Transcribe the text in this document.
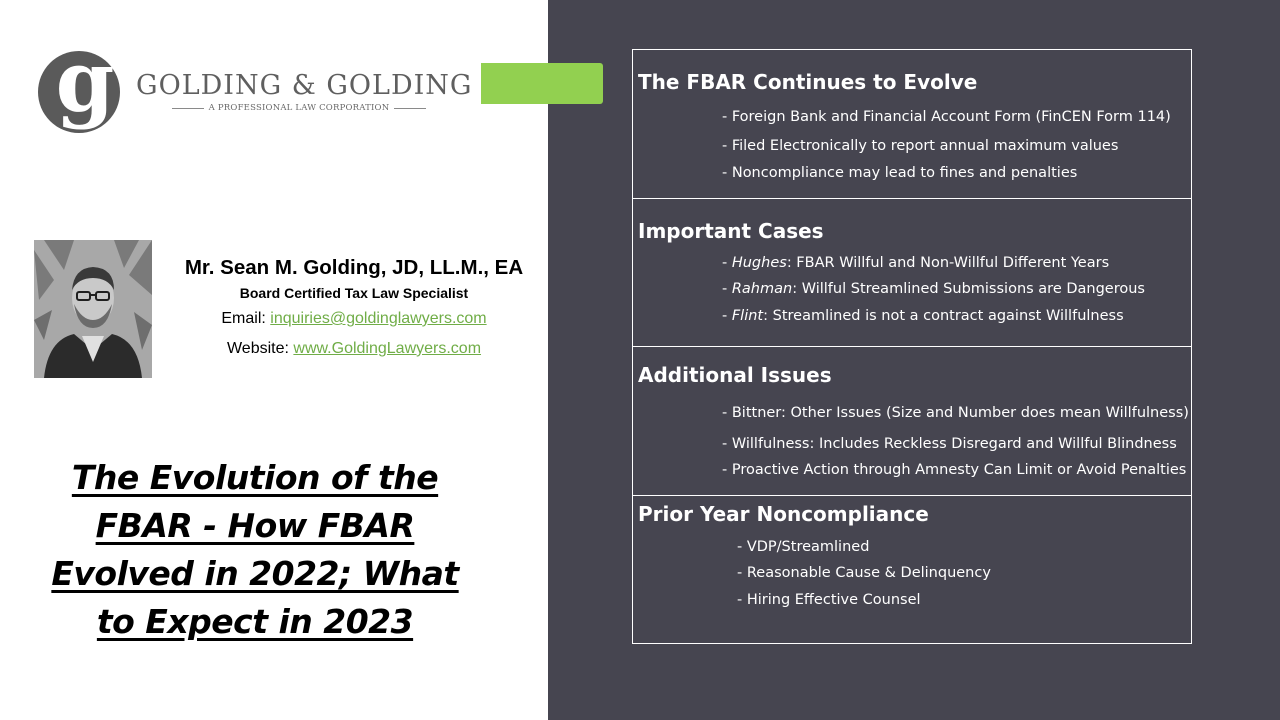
g GOLDING & GOLDING
A PROFESSIONAL LAW CORPORATION
Mr. Sean M. Golding, JD, LL.M., EA
Board Certified Tax Law Specialist
Email: inquiries@goldinglawyers.com
Website: www.GoldingLawyers.com
The Evolution of the FBAR - How FBAR Evolved in 2022; What to Expect in 2023
The FBAR Continues to Evolve
- Foreign Bank and Financial Account Form (FinCEN Form 114)
- Filed Electronically to report annual maximum values
- Noncompliance may lead to fines and penalties
Important Cases
- Hughes: FBAR Willful and Non-Willful Different Years
- Rahman: Willful Streamlined Submissions are Dangerous
- Flint: Streamlined is not a contract against Willfulness
Additional Issues
- Bittner: Other Issues (Size and Number does mean Willfulness)
- Willfulness: Includes Reckless Disregard and Willful Blindness
- Proactive Action through Amnesty Can Limit or Avoid Penalties
Prior Year Noncompliance
- VDP/Streamlined
- Reasonable Cause & Delinquency
- Hiring Effective Counsel
